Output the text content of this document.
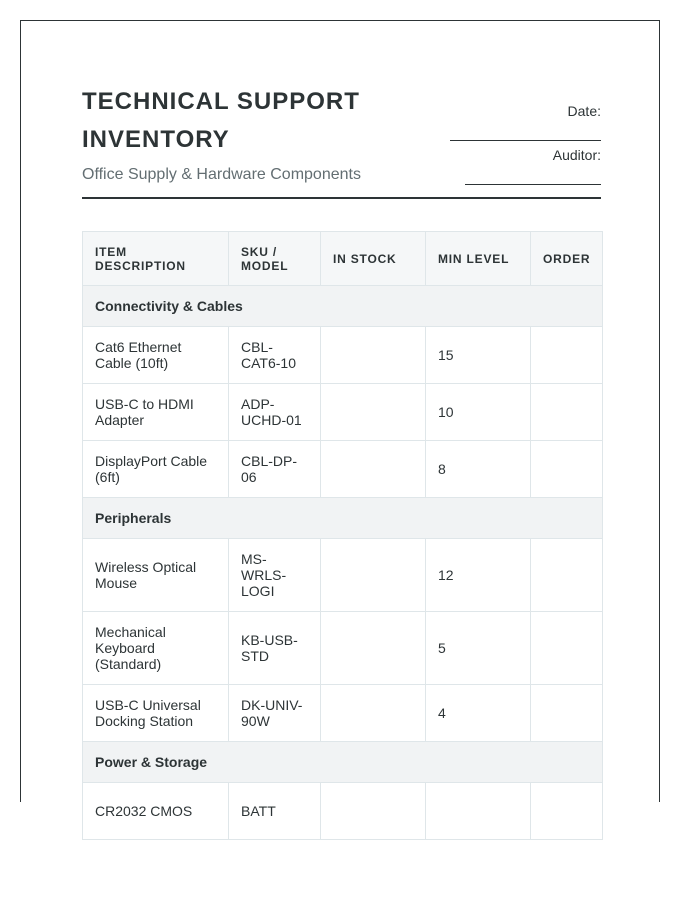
TECHNICAL SUPPORT INVENTORY
Office Supply & Hardware Components
Date:
Auditor:
ITEM DESCRIPTION	SKU / MODEL	IN STOCK	MIN LEVEL	ORDER
Connectivity & Cables				
Cat6 Ethernet Cable (10ft)	CBL-CAT6-10		15	
USB-C to HDMI Adapter	ADP-UCHD-01		10	
DisplayPort Cable (6ft)	CBL-DP-06		8	
Peripherals				
Wireless Optical Mouse	MS-WRLS-LOGI		12	
Mechanical Keyboard (Standard)	KB-USB-STD		5	
USB-C Universal Docking Station	DK-UNIV-90W		4	
Power & Storage				
CR2032 CMOS	BATT			
